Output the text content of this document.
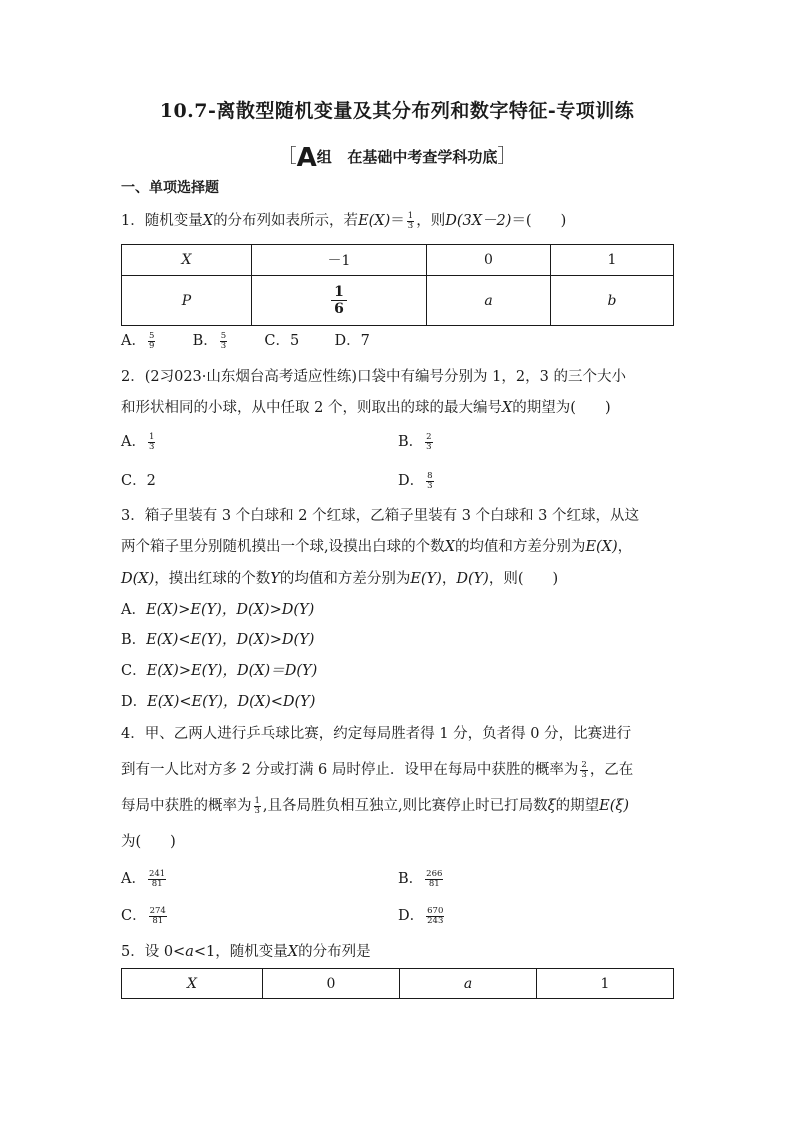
10.7-离散型随机变量及其分布列和数字特征-专项训练
［A组 在基础中考查学科功底］
一、单项选择题
1．随机变量X的分布列如表所示，若$E(X)= \frac{1}{3}$ ，则D(3X－2)＝(　　)
X	－1	0	1
P	$\frac{1}{6}$	a	b
A． $\frac{5}{9}$	B． $\frac{5}{3}$	C．5 D．7
2．(2习023·山东烟台高考适应性练)口袋中有编号分别为 1，2，3 的三个大小
和形状相同的小球，从中任取 2 个，则取出的球的最大编号X的期望为(　　)
A． $\frac{1}{3}$	B． $\frac{2}{3}$
C．2	D． $\frac{8}{3}$
3．箱子里装有 3 个白球和 2 个红球，乙箱子里装有 3 个白球和 3 个红球，从这
两个箱子里分别随机摸出一个球,设摸出白球的个数X的均值和方差分别为E(X)，
D(X)，摸出红球的个数Y的均值和方差分别为E(Y)，D(Y)，则(　　)
A．E(X)>E(Y)，D(X)>D(Y)
B．E(X)<E(Y)，D(X)>D(Y)
C．E(X)>E(Y)，D(X)＝D(Y)
D．E(X)<E(Y)，D(X)<D(Y)
4．甲、乙两人进行乒乓球比赛，约定每局胜者得 1 分，负者得 0 分，比赛进行
到有一人比对方多 2 分或打满 6 局时停止．设甲在每局中获胜的概率为 $\frac{2}{3}$ ，乙在
每局中获胜的概率为 $\frac{1}{3}$ ,且各局胜负相互独立,则比赛停止时已打局数ξ的期望E(ξ)
为(　　)
A． $\frac{241}{81}$	B． $\frac{266}{81}$
C． $\frac{274}{81}$	D． $\frac{670}{243}$
5．设 0<a<1，随机变量X的分布列是
X	0	a	1
